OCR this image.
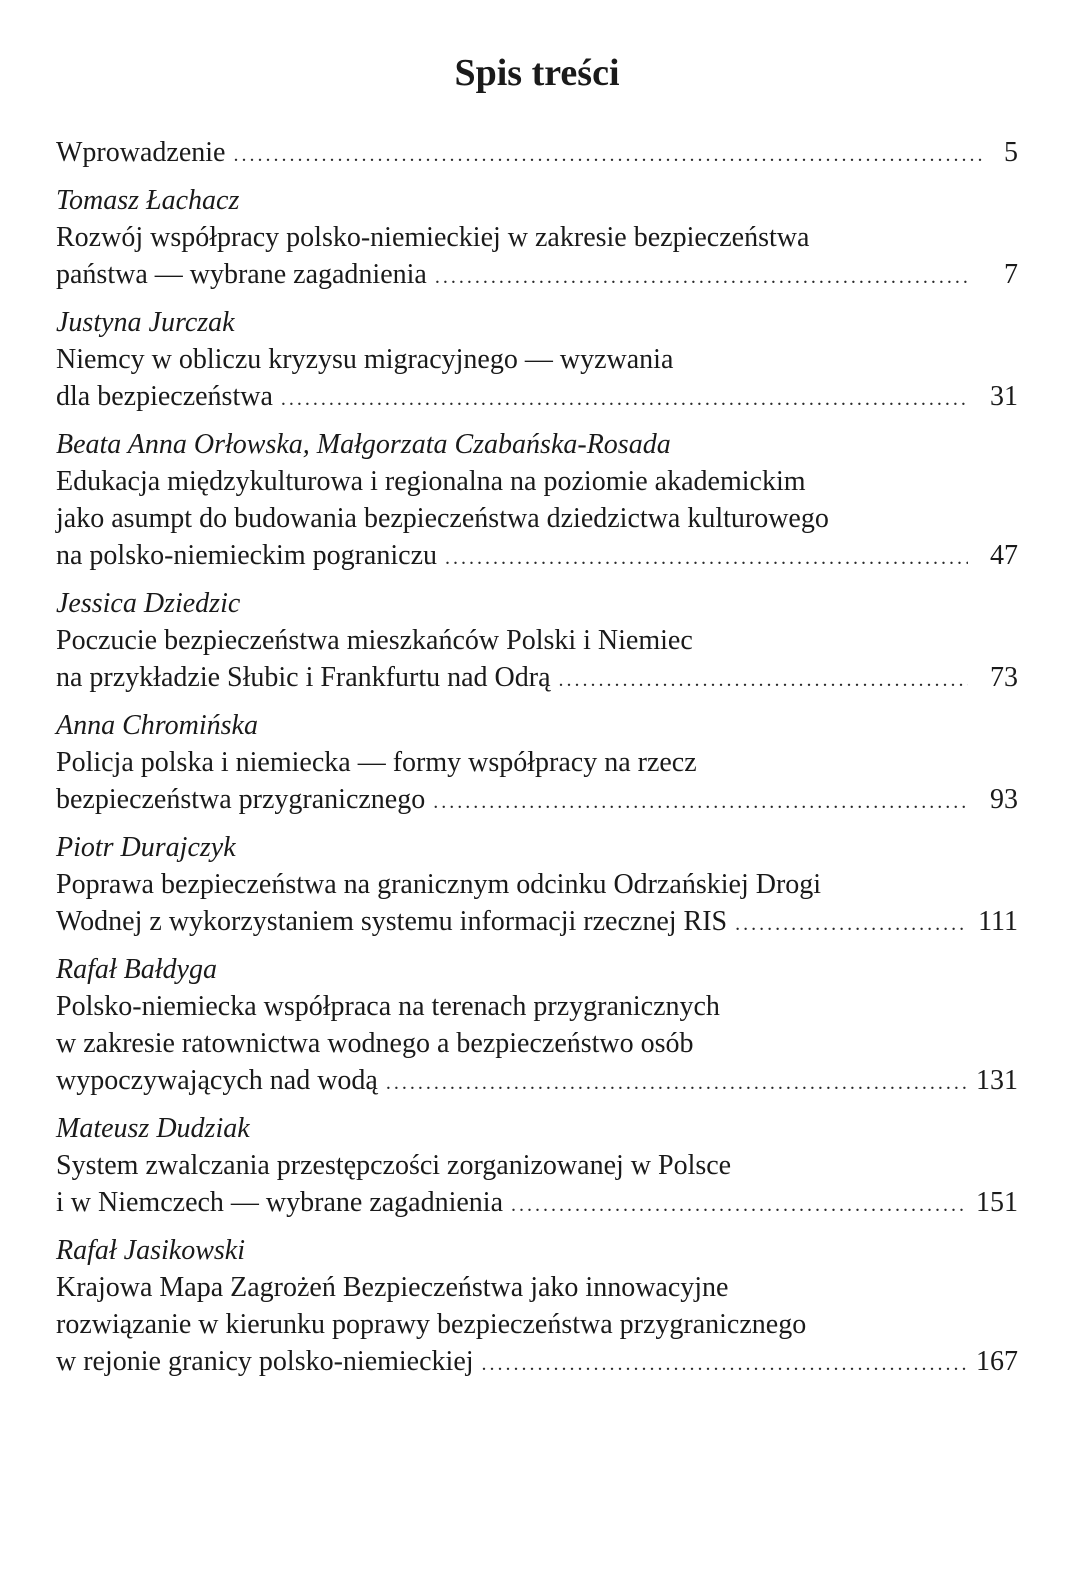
Spis treści
Wprowadzenie .....	5
Tomasz Łachacz
Rozwój współpracy polsko-niemieckiej w zakresie bezpieczeństwa
państwa — wybrane zagadnienia .....	7
Justyna Jurczak
Niemcy w obliczu kryzysu migracyjnego — wyzwania
dla bezpieczeństwa .....	31
Beata Anna Orłowska, Małgorzata Czabańska-Rosada
Edukacja międzykulturowa i regionalna na poziomie akademickim
jako asumpt do budowania bezpieczeństwa dziedzictwa kulturowego
na polsko-niemieckim pograniczu .....	47
Jessica Dziedzic
Poczucie bezpieczeństwa mieszkańców Polski i Niemiec
na przykładzie Słubic i Frankfurtu nad Odrą .....	73
Anna Chromińska
Policja polska i niemiecka — formy współpracy na rzecz
bezpieczeństwa przygranicznego .....	93
Piotr Durajczyk
Poprawa bezpieczeństwa na granicznym odcinku Odrzańskiej Drogi
Wodnej z wykorzystaniem systemu informacji rzecznej RIS .....	111
Rafał Bałdyga
Polsko-niemiecka współpraca na terenach przygranicznych
w zakresie ratownictwa wodnego a bezpieczeństwo osób
wypoczywających nad wodą .....	131
Mateusz Dudziak
System zwalczania przestępczości zorganizowanej w Polsce
i w Niemczech — wybrane zagadnienia .....	151
Rafał Jasikowski
Krajowa Mapa Zagrożeń Bezpieczeństwa jako innowacyjne
rozwiązanie w kierunku poprawy bezpieczeństwa przygranicznego
w rejonie granicy polsko-niemieckiej .....	167
